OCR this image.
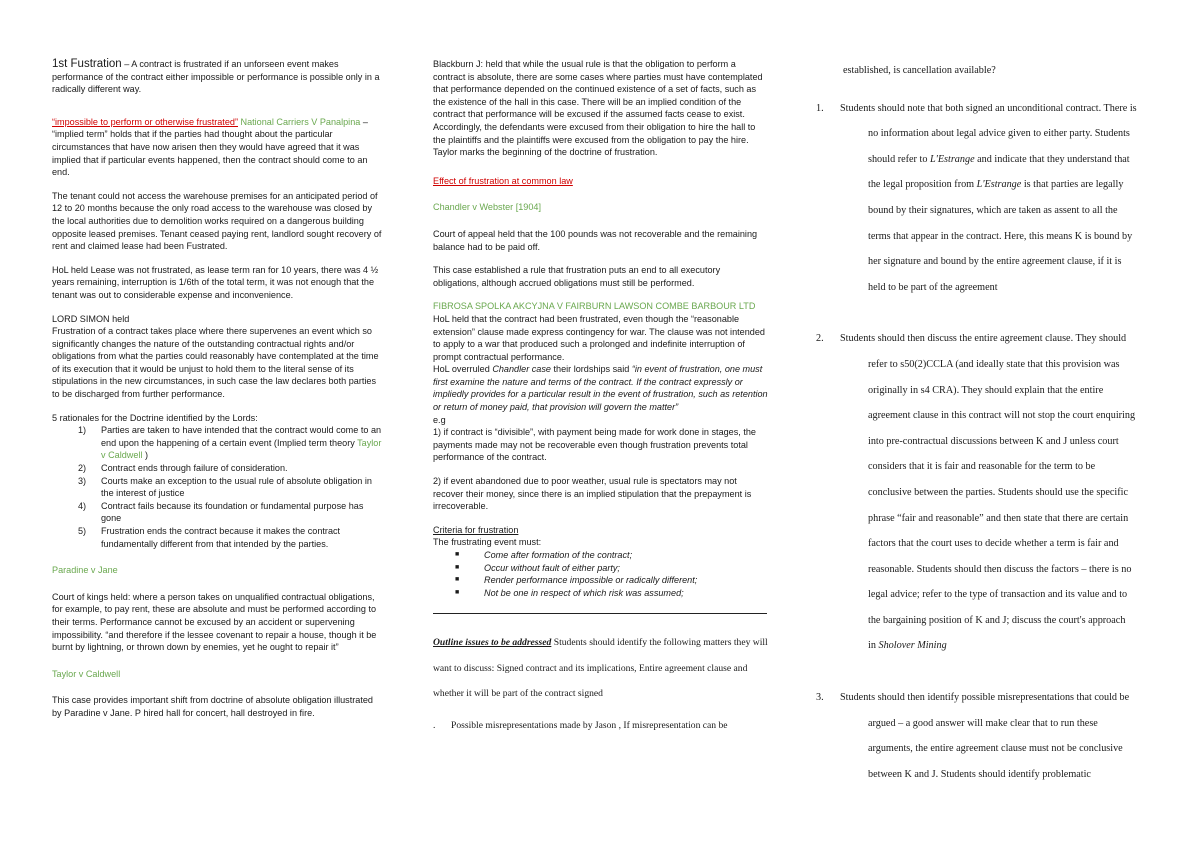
1st Fustration – A contract is frustrated if an unforseen event makes performance of the contract either impossible or performance is possible only in a radically different way.

“impossible to perform or otherwise frustrated” National Carriers V Panalpina – “implied term” holds that if the parties had thought about the particular circumstances that have now arisen then they would have agreed that it was implied that if particular events happened, then the contract should come to an end.

The tenant could not access the warehouse premises for an anticipated period of 12 to 20 months because the only road access to the warehouse was closed by the local authorities due to demolition works required on a dangerous building opposite leased premises. Tenant ceased paying rent, landlord sought recovery of rent and claimed lease had been Fustrated.

HoL held Lease was not frustrated, as lease term ran for 10 years, there was 4 ½ years remaining, interruption is 1/6th of the total term, it was not enough that the tenant was out to considerable expense and inconvenience.

LORD SIMON held

Frustration of a contract takes place where there supervenes an event which so significantly changes the nature of the outstanding contractual rights and/or obligations from what the parties could reasonably have contemplated at the time of its execution that it would be unjust to hold them to the literal sense of its stipulations in the new circumstances, in such case the law declares both parties to be discharged from further performance.

5 rationales for the Doctrine identified by the Lords:

1)	Parties are taken to have intended that the contract would come to an end upon the happening of a certain event (Implied term theory Taylor v Caldwell )
2)	Contract ends through failure of consideration.
3)	Courts make an exception to the usual rule of absolute obligation in the interest of justice
4)	Contract fails because its foundation or fundamental purpose has gone
5)	Frustration ends the contract because it makes the contract fundamentally different from that intended by the parties.

Paradine v Jane

Court of kings held: where a person takes on unqualified contractual obligations, for example, to pay rent, these are absolute and must be performed according to their terms. Performance cannot be excused by an accident or supervening impossibility. “and therefore if the lessee covenant to repair a house, though it be burnt by lightning, or thrown down by enemies, yet he ought to repair it”

Taylor v Caldwell

This case provides important shift from doctrine of absolute obligation illustrated by Paradine v Jane. P hired hall for concert, hall destroyed in fire.

Blackburn J: held that while the usual rule is that the obligation to perform a contract is absolute, there are some cases where parties must have contemplated that performance depended on the continued existence of a set of facts, such as the existence of the hall in this case. There will be an implied condition of the contract that performance will be excused if the assumed facts cease to exist. Accordingly, the defendants were excused from their obligation to hire the hall to the plaintiffs and the plaintiffs were excused from the obligation to pay the hire. Taylor marks the beginning of the doctrine of frustration.

Effect of frustration at common law

Chandler v Webster [1904]

Court of appeal held that the 100 pounds was not recoverable and the remaining balance had to be paid off.

This case established a rule that frustration puts an end to all executory obligations, although accrued obligations must still be performed.

FIBROSA SPOLKA AKCYJNA V FAIRBURN LAWSON COMBE BARBOUR LTD

HoL held that the contract had been frustrated, even though the “reasonable extension” clause made express contingency for war. The clause was not intended to apply to a war that produced such a prolonged and indefinite interruption of prompt contractual performance.

HoL overruled Chandler case their lordships said “in event of frustration, one must first examine the nature and terms of the contract. If the contract expressly or impliedly provides for a particular result in the event of frustration, such as retention or return of money paid, that provision will govern the matter”

e.g

1) if contract is “divisible”, with payment being made for work done in stages, the payments made may not be recoverable even though frustration prevents total performance of the contract.

2) if event abandoned due to poor weather, usual rule is spectators may not recover their money, since there is an implied stipulation that the prepayment is irrecoverable.

Criteria for frustration

The frustrating event must:

■	Come after formation of the contract;
■	Occur without fault of either party;
■	Render performance impossible or radically different;
■	Not be one in respect of which risk was assumed;

Outline issues to be addressed Students should identify the following matters they will want to discuss: Signed contract and its implications, Entire agreement clause and whether it will be part of the contract signed

.	Possible misrepresentations made by Jason , If misrepresentation can be

established, is cancellation available?

1.	Students should note that both signed an unconditional contract. There is
no information about legal advice given to either party. Students
should refer to L'Estrange and indicate that they understand that
the legal proposition from L'Estrange is that parties are legally
bound by their signatures, which are taken as assent to all the
terms that appear in the contract. Here, this means K is bound by
her signature and bound by the entire agreement clause, if it is
held to be part of the agreement
2.	Students should then discuss the entire agreement clause. They should
refer to s50(2)CCLA (and ideally state that this provision was
originally in s4 CRA). They should explain that the entire
agreement clause in this contract will not stop the court enquiring
into pre-contractual discussions between K and J unless court
considers that it is fair and reasonable for the term to be
conclusive between the parties. Students should use the specific
phrase “fair and reasonable” and then state that there are certain
factors that the court uses to decide whether a term is fair and
reasonable. Students should then discuss the factors – there is no
legal advice; refer to the type of transaction and its value and to
the bargaining position of K and J; discuss the court's approach
in Sholover Mining
3.	Students should then identify possible misrepresentations that could be
argued – a good answer will make clear that to run these
arguments, the entire agreement clause must not be conclusive
between K and J. Students should identify problematic
